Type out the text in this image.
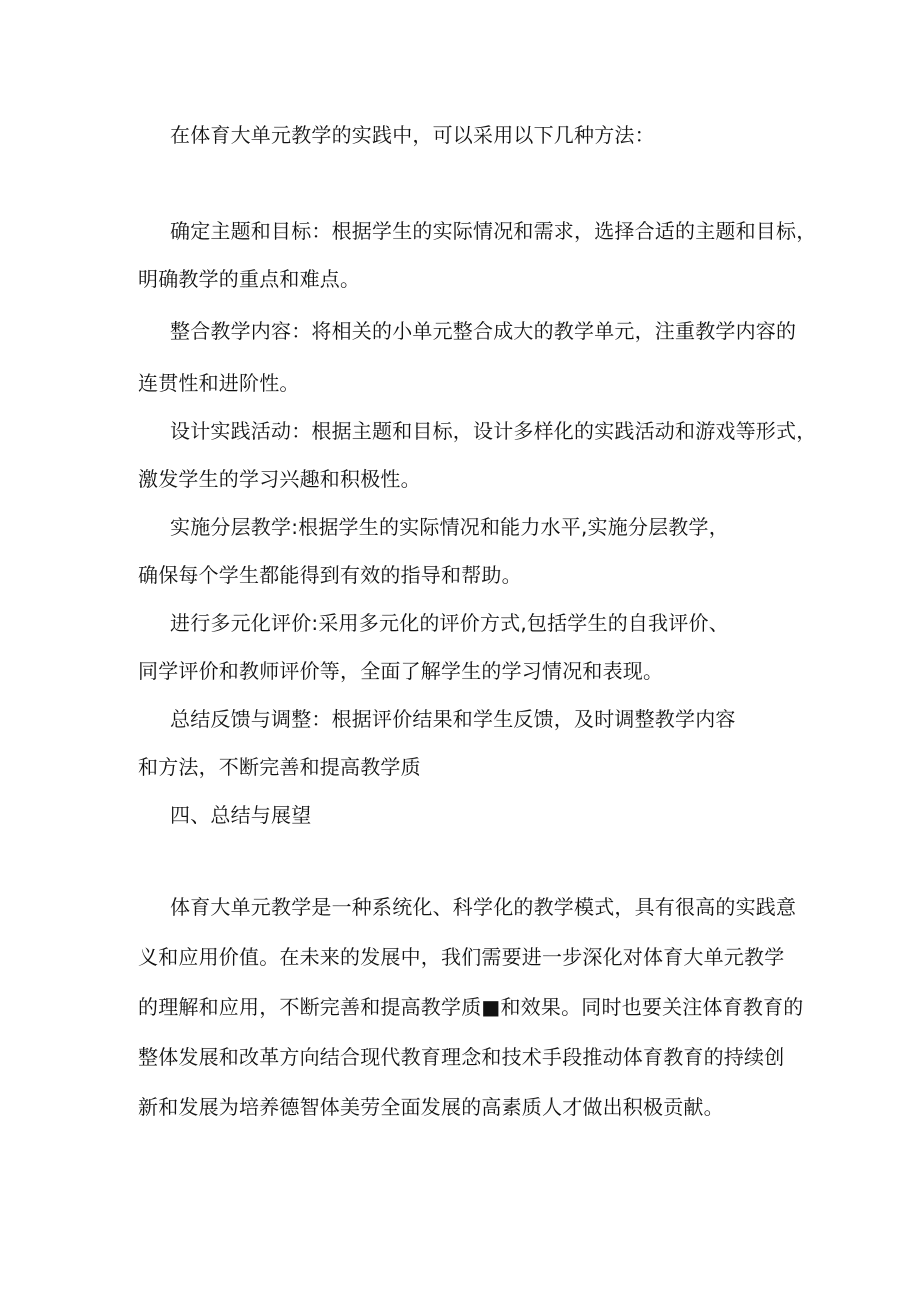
在体育大单元教学的实践中，可以采用以下几种方法：
确定主题和目标：根据学生的实际情况和需求，选择合适的主题和目标，
明确教学的重点和难点。
整合教学内容：将相关的小单元整合成大的教学单元，注重教学内容的
连贯性和进阶性。
设计实践活动：根据主题和目标，设计多样化的实践活动和游戏等形式，
激发学生的学习兴趣和积极性。
实施分层教学:根据学生的实际情况和能力水平,实施分层教学，
确保每个学生都能得到有效的指导和帮助。
进行多元化评价:采用多元化的评价方式,包括学生的自我评价、
同学评价和教师评价等，全面了解学生的学习情况和表现。
总结反馈与调整：根据评价结果和学生反馈，及时调整教学内容
和方法，不断完善和提高教学质
四、总结与展望
体育大单元教学是一种系统化、科学化的教学模式，具有很高的实践意
义和应用价值。在未来的发展中，我们需要进一步深化对体育大单元教学
的理解和应用，不断完善和提高教学质■和效果。同时也要关注体育教育的
整体发展和改革方向结合现代教育理念和技术手段推动体育教育的持续创
新和发展为培养德智体美劳全面发展的高素质人才做出积极贡献。
